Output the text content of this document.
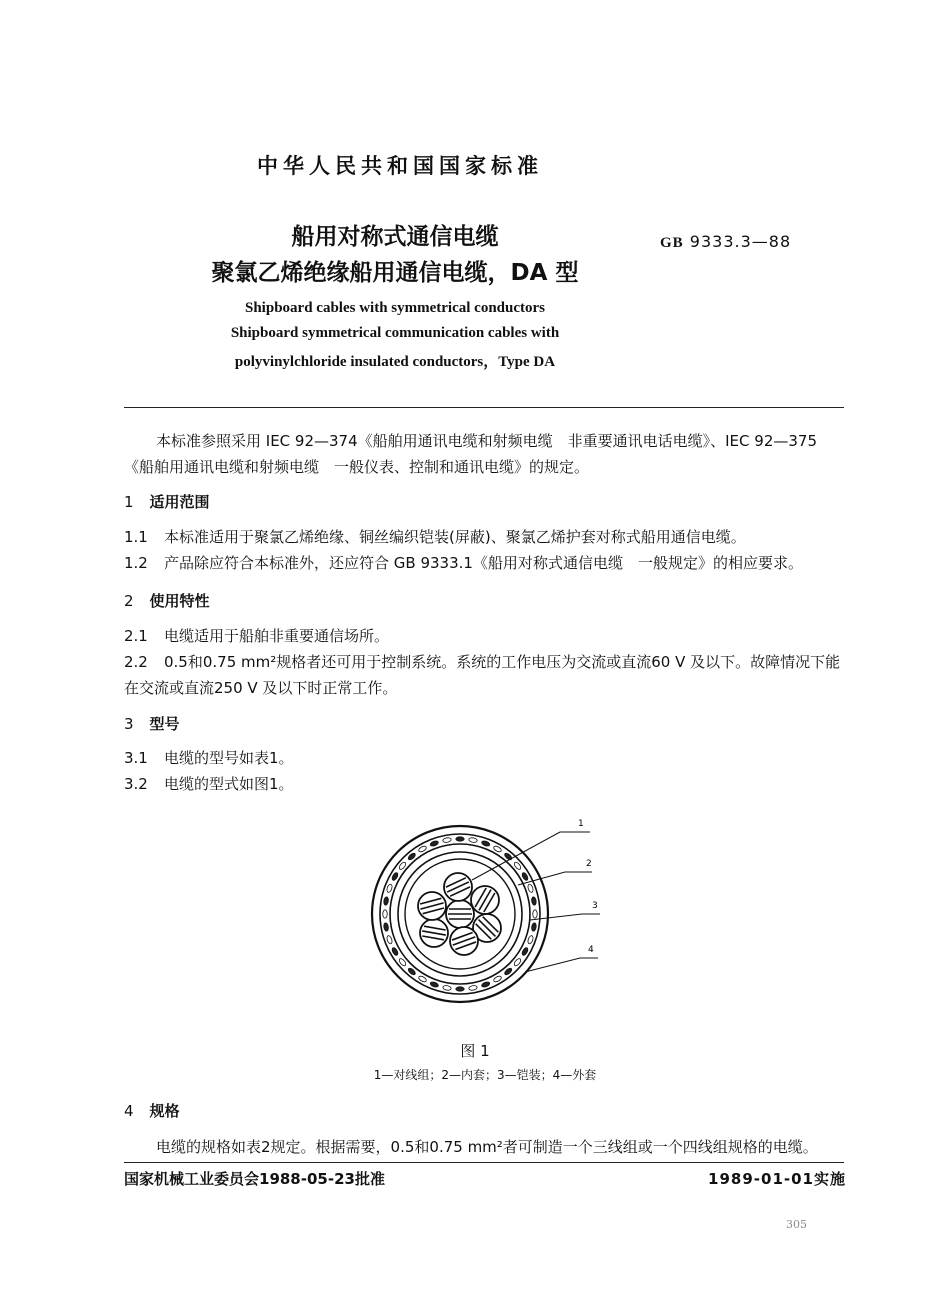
中华人民共和国国家标准
船用对称式通信电缆
聚氯乙烯绝缘船用通信电缆，DA 型
GB 9333.3—88
Shipboard cables with symmetrical conductors
Shipboard symmetrical communication cables with
polyvinylchloride insulated conductors，Type DA
本标准参照采用 IEC 92—374《船舶用通讯电缆和射频电缆　非重要通讯电话电缆》、IEC 92—375《船舶用通讯电缆和射频电缆　一般仪表、控制和通讯电缆》的规定。
1 适用范围
1.1 本标准适用于聚氯乙烯绝缘、铜丝编织铠装(屏蔽)、聚氯乙烯护套对称式船用通信电缆。
1.2 产品除应符合本标准外，还应符合 GB 9333.1《船用对称式通信电缆　一般规定》的相应要求。
2 使用特性
2.1 电缆适用于船舶非重要通信场所。
2.2 0.5和0.75 mm²规格者还可用于控制系统。系统的工作电压为交流或直流60 V 及以下。故障情况下能在交流或直流250 V 及以下时正常工作。
3 型号
3.1 电缆的型号如表1。
3.2 电缆的型式如图1。
1
2
3
4
图 1
1—对线组；2—内套；3—铠装；4—外套
4 规格
电缆的规格如表2规定。根据需要，0.5和0.75 mm²者可制造一个三线组或一个四线组规格的电缆。
国家机械工业委员会1988-05-23批准	1989-01-01实施
305
